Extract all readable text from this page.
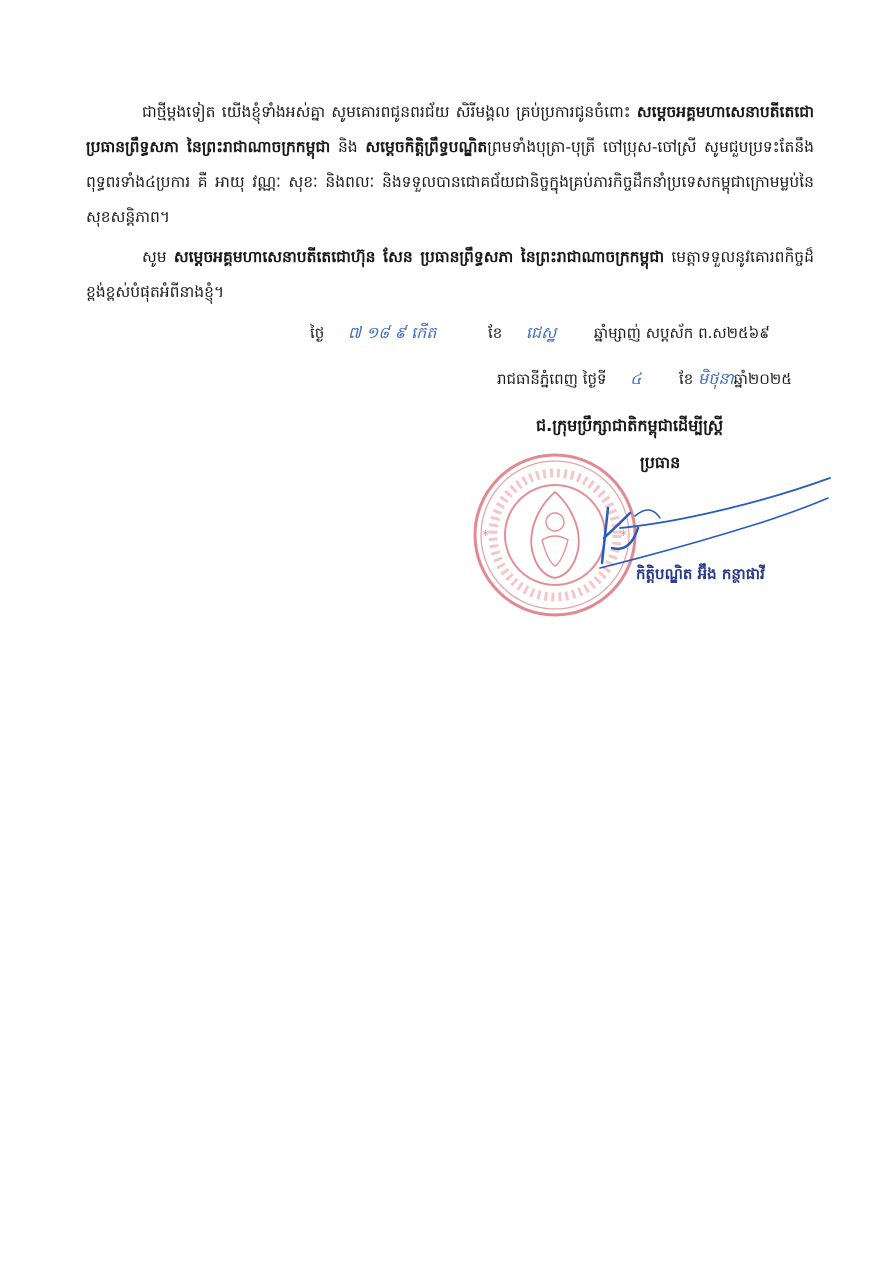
ជាថ្មីម្តងទៀត យើងខ្ញុំទាំងអស់គ្នា សូមគោរពជូនពរជ័យ សិរីមង្គល គ្រប់ប្រការជូនចំពោះ សម្តេចអគ្គមហាសេនាបតីតេជោ ប្រធានព្រឹទ្ធសភា នៃព្រះរាជាណាចក្រកម្ពុជា និង សម្តេចកិត្តិព្រឹទ្ធបណ្ឌិតព្រមទាំងបុត្រា-បុត្រី ចៅប្រុស-ចៅស្រី សូមជួបប្រទះតែនឹងពុទ្ធពរទាំង៤ប្រការ គឺ អាយុ វណ្ណៈ សុខៈ និងពលៈ និងទទួលបានជោគជ័យជានិច្ចក្នុងគ្រប់ភារកិច្ចដឹកនាំប្រទេសកម្ពុជាក្រោមម្លប់នៃសុខសន្តិភាព។

សូម សម្តេចអគ្គមហាសេនាបតីតេជោហ៊ុន សែន ប្រធានព្រឹទ្ធសភា នៃព្រះរាជាណាចក្រកម្ពុជា មេត្តាទទួលនូវគោរពកិច្ចដ៏ខ្ពង់ខ្ពស់បំផុតអំពីនាងខ្ញុំ។

ថ្ងៃ ៧ ១៨ ៩ កើត	ខែ ជេស្ឋ	ឆ្នាំម្សាញ់ សប្តស័ក ព.ស២៥៦៩
រាជធានីភ្នំពេញ ថ្ងៃទី ៤	ខែ មិថុនាឆ្នាំ២០២៥
ជ.ក្រុមប្រឹក្សាជាតិកម្ពុជាដើម្បីស្ត្រី
ប្រធាន
*	*
កិត្តិបណ្ឌិត អ៊ឹង កន្ថាផាវី
